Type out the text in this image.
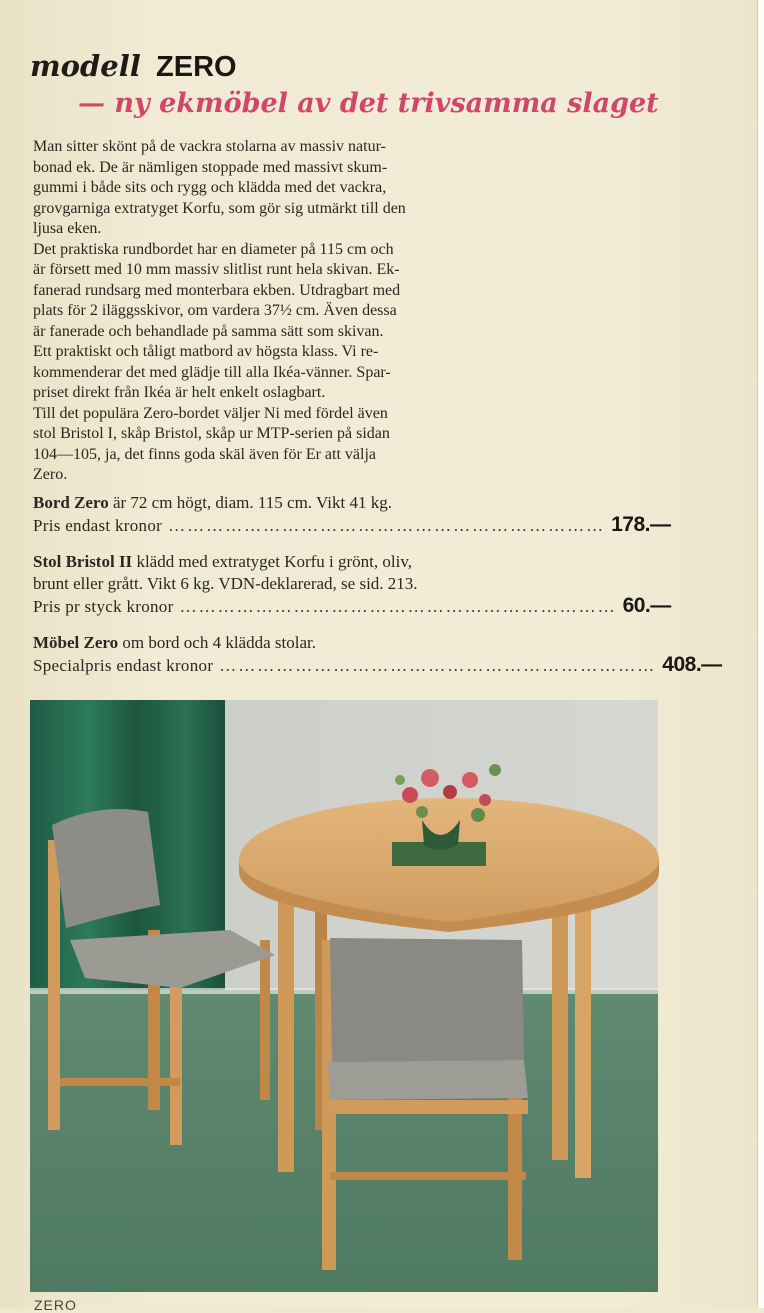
modell ZERO
— ny ekmöbel av det trivsamma slaget

Man sitter skönt på de vackra stolarna av massiv natur-

bonad ek. De är nämligen stoppade med massivt skum-

gummi i både sits och rygg och klädda med det vackra,

grovgarniga extratyget Korfu, som gör sig utmärkt till den

ljusa eken.

Det praktiska rundbordet har en diameter på 115 cm och

är försett med 10 mm massiv slitlist runt hela skivan. Ek-

fanerad rundsarg med monterbara ekben. Utdragbart med

plats för 2 iläggsskivor, om vardera 37½ cm. Även dessa

är fanerade och behandlade på samma sätt som skivan.

Ett praktiskt och tåligt matbord av högsta klass. Vi re-

kommenderar det med glädje till alla Ikéa-vänner. Spar-

priset direkt från Ikéa är helt enkelt oslagbart.

Till det populära Zero-bordet väljer Ni med fördel även

stol Bristol I, skåp Bristol, skåp ur MTP-serien på sidan

104—105, ja, det finns goda skäl även för Er att välja

Zero.

Bord Zero är 72 cm högt, diam. 115 cm. Vikt 41 kg.
Pris endast kronor …………………………………………………………… 178.—
Stol Bristol II klädd med extratyget Korfu i grönt, oliv,
brunt eller grått. Vikt 6 kg. VDN-deklarerad, se sid. 213.
Pris pr styck kronor …………………………………………………………… 60.—
Möbel Zero om bord och 4 klädda stolar.
Specialpris endast kronor …………………………………………………………… 408.—
ZERO
